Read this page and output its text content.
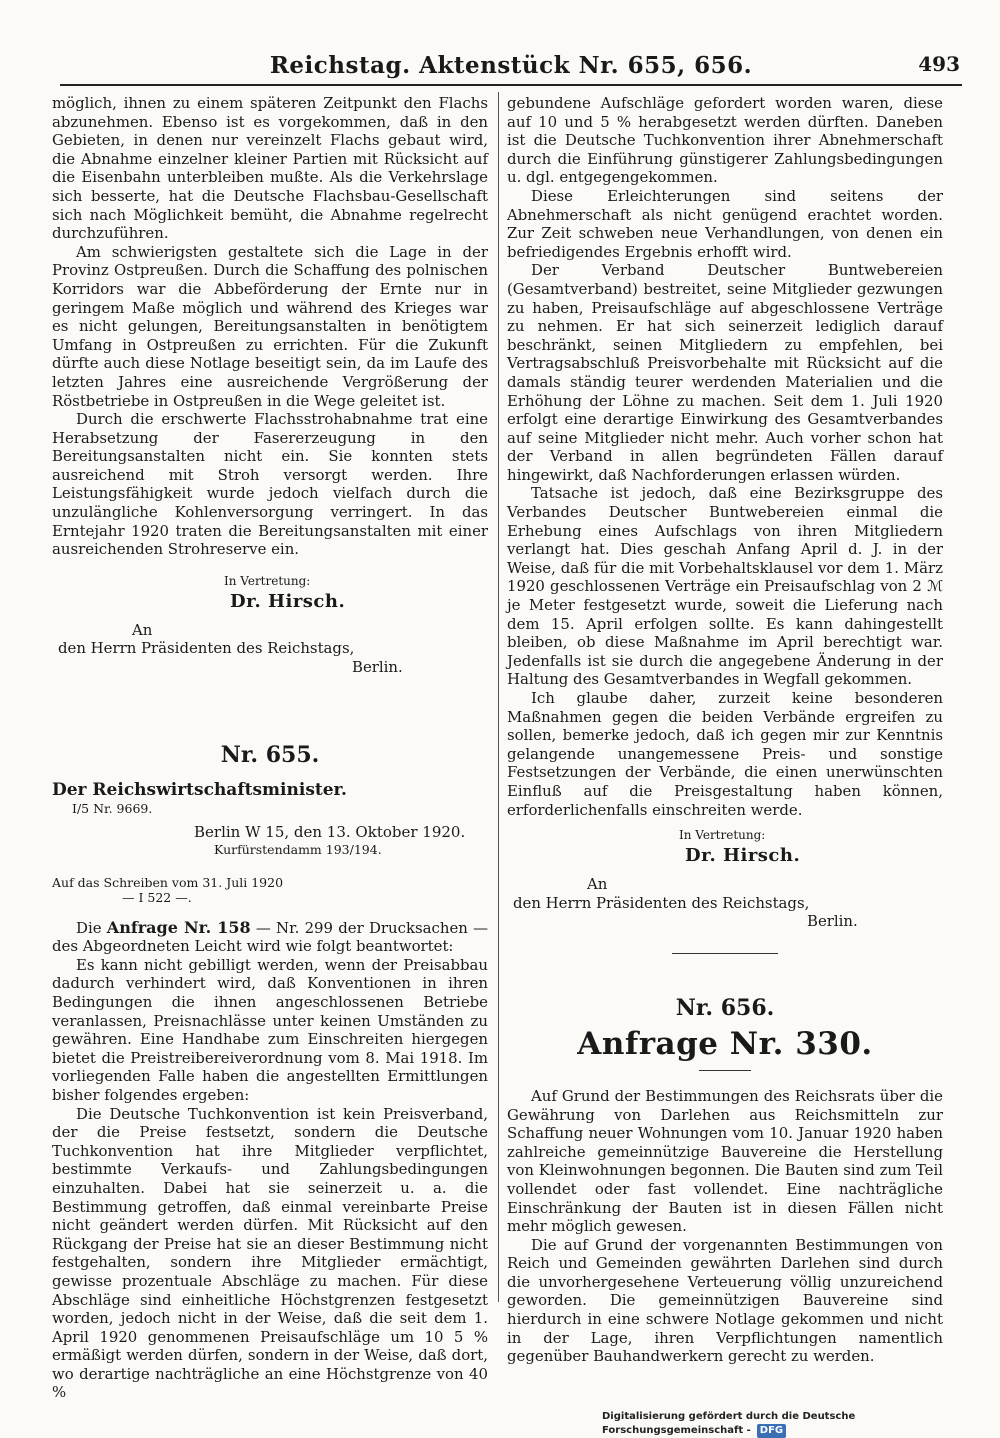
Reichstag. Aktenstück Nr. 655, 656.	493

möglich, ihnen zu einem späteren Zeitpunkt den Flachs abzunehmen. Ebenso ist es vorgekommen, daß in den Gebieten, in denen nur vereinzelt Flachs gebaut wird, die Abnahme einzelner kleiner Partien mit Rücksicht auf die Eisenbahn unterbleiben mußte. Als die Verkehrslage sich besserte, hat die Deutsche Flachsbau-Gesellschaft sich nach Möglichkeit bemüht, die Abnahme regelrecht durchzuführen.

Am schwierigsten gestaltete sich die Lage in der Provinz Ostpreußen. Durch die Schaffung des polnischen Korridors war die Abbeförderung der Ernte nur in geringem Maße möglich und während des Krieges war es nicht gelungen, Bereitungsanstalten in benötigtem Umfang in Ostpreußen zu errichten. Für die Zukunft dürfte auch diese Notlage beseitigt sein, da im Laufe des letzten Jahres eine ausreichende Vergrößerung der Röstbetriebe in Ostpreußen in die Wege geleitet ist.

Durch die erschwerte Flachsstrohabnahme trat eine Herabsetzung der Fasererzeugung in den Bereitungsanstalten nicht ein. Sie konnten stets ausreichend mit Stroh versorgt werden. Ihre Leistungsfähigkeit wurde jedoch vielfach durch die unzulängliche Kohlenversorgung verringert. In das Erntejahr 1920 traten die Bereitungsanstalten mit einer ausreichenden Strohreserve ein.

In Vertretung:
Dr. Hirsch.
An
den Herrn Präsidenten des Reichstags,
Berlin.
Nr. 655.
Der Reichswirtschaftsminister.
I/5 Nr. 9669.
Berlin W 15, den 13. Oktober 1920.
Kurfürstendamm 193/194.
Auf das Schreiben vom 31. Juli 1920
— I 522 —.

Die Anfrage Nr. 158 — Nr. 299 der Drucksachen — des Abgeordneten Leicht wird wie folgt beantwortet:

Es kann nicht gebilligt werden, wenn der Preisabbau dadurch verhindert wird, daß Konventionen in ihren Bedingungen die ihnen angeschlossenen Betriebe veranlassen, Preisnachlässe unter keinen Umständen zu gewähren. Eine Handhabe zum Einschreiten hiergegen bietet die Preistreibereiverordnung vom 8. Mai 1918. Im vorliegenden Falle haben die angestellten Ermittlungen bisher folgendes ergeben:

Die Deutsche Tuchkonvention ist kein Preisverband, der die Preise festsetzt, sondern die Deutsche Tuchkonvention hat ihre Mitglieder verpflichtet, bestimmte Verkaufs- und Zahlungsbedingungen einzuhalten. Dabei hat sie seinerzeit u. a. die Bestimmung getroffen, daß einmal vereinbarte Preise nicht geändert werden dürfen. Mit Rücksicht auf den Rückgang der Preise hat sie an dieser Bestimmung nicht festgehalten, sondern ihre Mitglieder ermächtigt, gewisse prozentuale Abschläge zu machen. Für diese Abschläge sind einheitliche Höchstgrenzen festgesetzt worden, jedoch nicht in der Weise, daß die seit dem 1. April 1920 genommenen Preisaufschläge um 10 5 % ermäßigt werden dürfen, sondern in der Weise, daß dort, wo derartige nachträgliche an eine Höchstgrenze von 40 %

gebundene Aufschläge gefordert worden waren, diese auf 10 und 5 % herabgesetzt werden dürften. Daneben ist die Deutsche Tuchkonvention ihrer Abnehmerschaft durch die Einführung günstigerer Zahlungsbedingungen u. dgl. entgegengekommen.

Diese Erleichterungen sind seitens der Abnehmerschaft als nicht genügend erachtet worden. Zur Zeit schweben neue Verhandlungen, von denen ein befriedigendes Ergebnis erhofft wird.

Der Verband Deutscher Buntwebereien (Gesamtverband) bestreitet, seine Mitglieder gezwungen zu haben, Preisaufschläge auf abgeschlossene Verträge zu nehmen. Er hat sich seinerzeit lediglich darauf beschränkt, seinen Mitgliedern zu empfehlen, bei Vertragsabschluß Preisvorbehalte mit Rücksicht auf die damals ständig teurer werdenden Materialien und die Erhöhung der Löhne zu machen. Seit dem 1. Juli 1920 erfolgt eine derartige Einwirkung des Gesamtverbandes auf seine Mitglieder nicht mehr. Auch vorher schon hat der Verband in allen begründeten Fällen darauf hingewirkt, daß Nachforderungen erlassen würden.

Tatsache ist jedoch, daß eine Bezirksgruppe des Verbandes Deutscher Buntwebereien einmal die Erhebung eines Aufschlags von ihren Mitgliedern verlangt hat. Dies geschah Anfang April d. J. in der Weise, daß für die mit Vorbehaltsklausel vor dem 1. März 1920 geschlossenen Verträge ein Preisaufschlag von 2 ℳ je Meter festgesetzt wurde, soweit die Lieferung nach dem 15. April erfolgen sollte. Es kann dahingestellt bleiben, ob diese Maßnahme im April berechtigt war. Jedenfalls ist sie durch die angegebene Änderung in der Haltung des Gesamtverbandes in Wegfall gekommen.

Ich glaube daher, zurzeit keine besonderen Maßnahmen gegen die beiden Verbände ergreifen zu sollen, bemerke jedoch, daß ich gegen mir zur Kenntnis gelangende unangemessene Preis- und sonstige Festsetzungen der Verbände, die einen unerwünschten Einfluß auf die Preisgestaltung haben können, erforderlichenfalls einschreiten werde.

In Vertretung:
Dr. Hirsch.
An
den Herrn Präsidenten des Reichstags,
Berlin.
Nr. 656.
Anfrage Nr. 330.

Auf Grund der Bestimmungen des Reichsrats über die Gewährung von Darlehen aus Reichsmitteln zur Schaffung neuer Wohnungen vom 10. Januar 1920 haben zahlreiche gemeinnützige Bauvereine die Herstellung von Kleinwohnungen begonnen. Die Bauten sind zum Teil vollendet oder fast vollendet. Eine nachträgliche Einschränkung der Bauten ist in diesen Fällen nicht mehr möglich gewesen.

Die auf Grund der vorgenannten Bestimmungen von Reich und Gemeinden gewährten Darlehen sind durch die unvorhergesehene Verteuerung völlig unzureichend geworden. Die gemeinnützigen Bauvereine sind hierdurch in eine schwere Notlage gekommen und nicht in der Lage, ihren Verpflichtungen namentlich gegenüber Bauhandwerkern gerecht zu werden.

Digitalisierung gefördert durch die Deutsche Forschungsgemeinschaft - DFG
